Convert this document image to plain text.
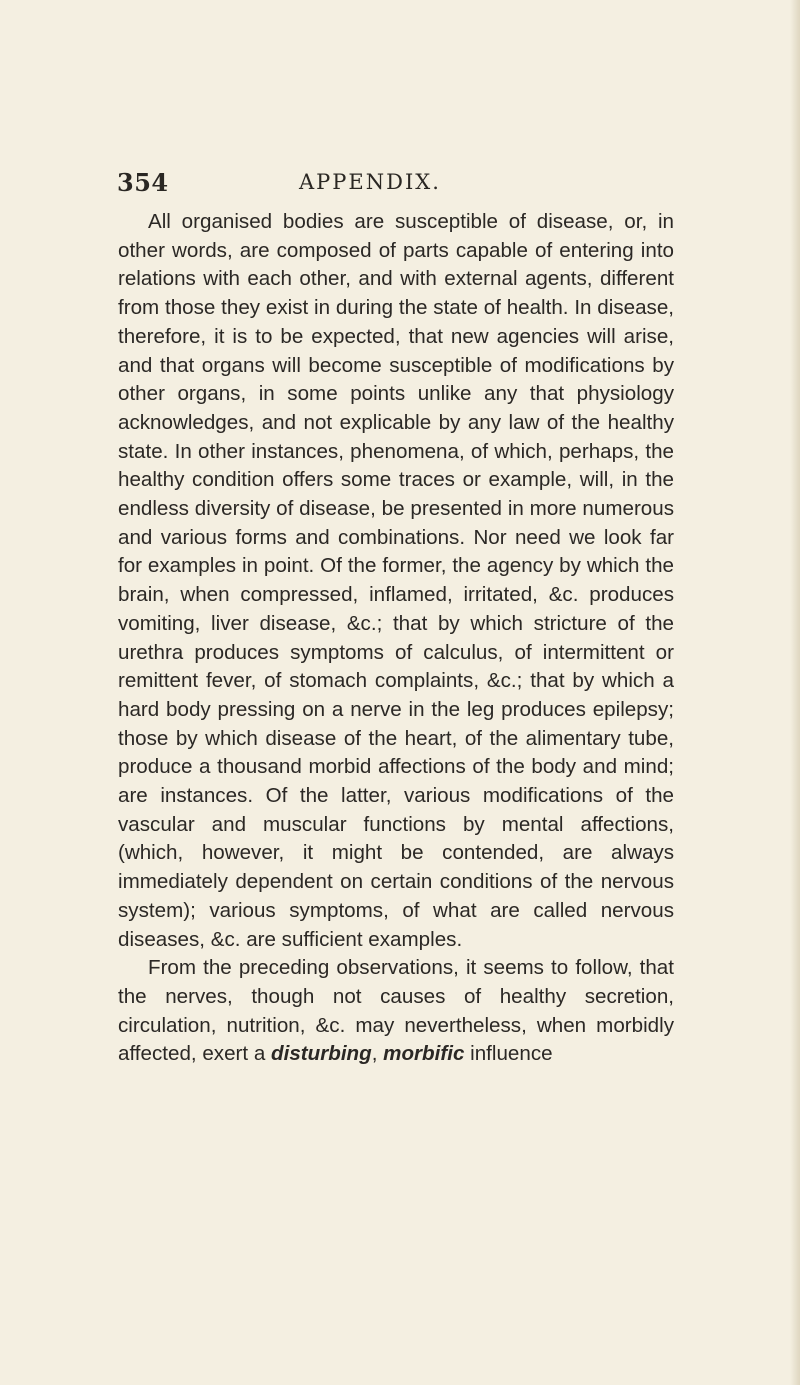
354	APPENDIX.

All organised bodies are susceptible of disease, or, in other words, are composed of parts capable of entering into relations with each other, and with external agents, different from those they exist in during the state of health. In disease, therefore, it is to be expected, that new agencies will arise, and that organs will become susceptible of modifications by other organs, in some points unlike any that physiology acknowledges, and not explicable by any law of the healthy state. In other instances, phenomena, of which, perhaps, the healthy condition offers some traces or example, will, in the endless diversity of disease, be presented in more numerous and various forms and combinations. Nor need we look far for examples in point. Of the former, the agency by which the brain, when compressed, inflamed, irritated, &c. produces vomiting, liver disease, &c.; that by which stricture of the urethra produces symptoms of calculus, of intermittent or remittent fever, of stomach complaints, &c.; that by which a hard body pressing on a nerve in the leg produces epilepsy; those by which disease of the heart, of the alimentary tube, produce a thousand morbid affections of the body and mind; are instances. Of the latter, various modifications of the vascular and muscular functions by mental affections, (which, however, it might be contended, are always immediately dependent on certain conditions of the nervous system); various symptoms, of what are called nervous diseases, &c. are sufficient examples.

From the preceding observations, it seems to follow, that the nerves, though not causes of healthy secretion, circulation, nutrition, &c. may nevertheless, when morbidly affected, exert a disturbing, morbific influence
